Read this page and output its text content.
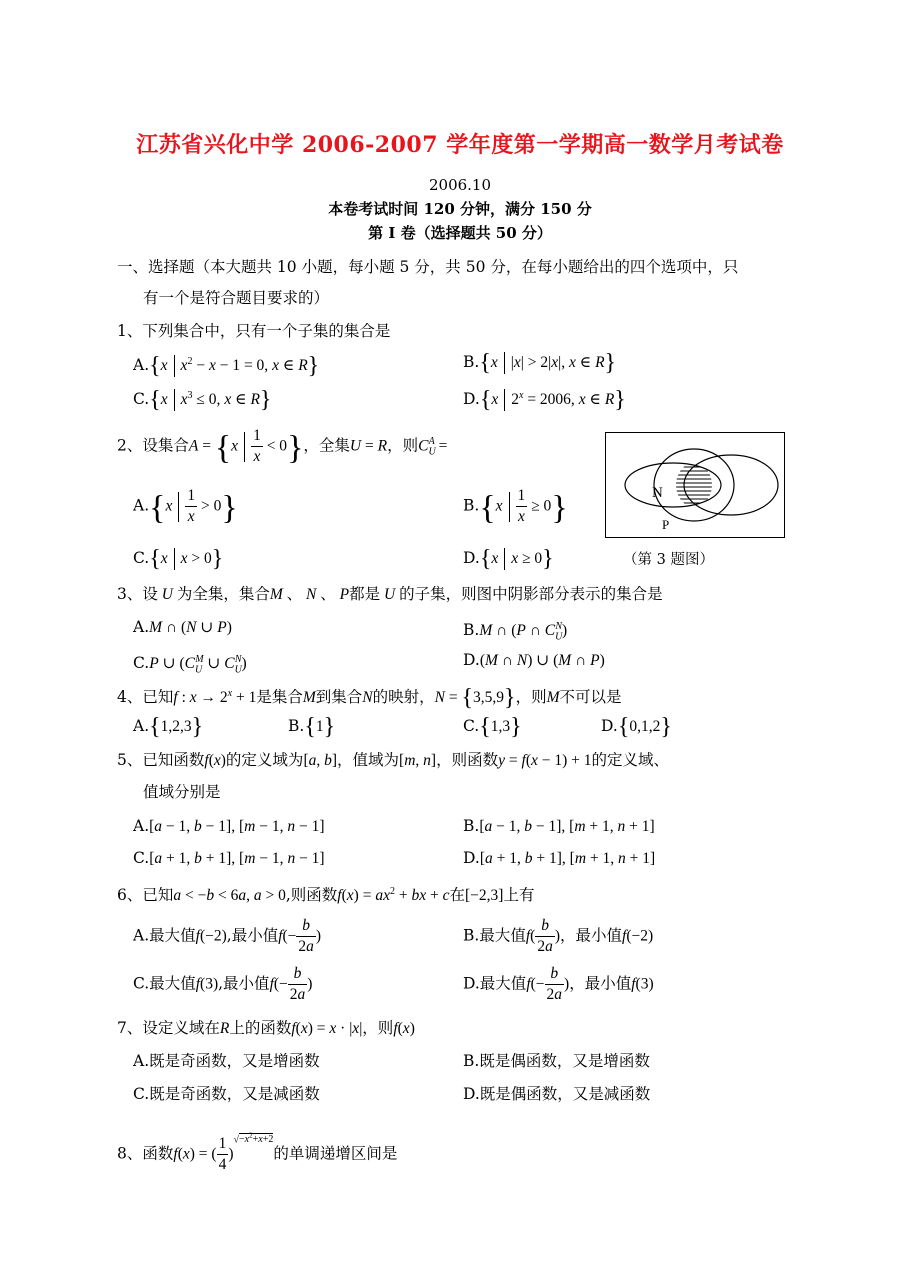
江苏省兴化中学 2006-2007 学年度第一学期高一数学月考试卷
2006.10
本卷考试时间 120 分钟，满分 150 分
第 I 卷（选择题共 50 分）
一、选择题（本大题共 10 小题，每小题 5 分，共 50 分，在每小题给出的四个选项中，只
有一个是符合题目要求的）
1、下列集合中，只有一个子集的集合是
A.{x $x^2 - x - 1 = 0$, x ∈ R}	B.{x |x| > 2|x|, x ∈ R}
C.{x $x^3 \le 0$, x ∈ R}	D.{x $2^x = 2006$, x ∈ R}
2、设集合$A = \{x \frac{1}{x} < 0\}$，全集U = R，则$C_U^A$ =
$A.\{x \frac{1}{x} > 0\}$	$B.\{x \frac{1}{x} \ge 0\}$
C.{x x > 0}	D.{x x ≥ 0}
N
P
（第 3 题图）
3、设 U 为全集，集合M 、 N 、 P都是 U 的子集，则图中阴影部分表示的集合是
A.M ∩ (N ∪ P)	B.M ∩ (P ∩ $C_U^N$)
C.P ∪ ($C_U^M$ ∪ $C_U^N$)	D.(M ∩ N) ∪ (M ∩ P)
4、已知f : $x \to 2^x + 1$是集合M到集合N的映射，N = {3,5,9}，则M不可以是
A.{1,2,3}	B.{1}	C.{1,3}	D.{0,1,2}
5、已知函数f(x)的定义域为[a, b]，值域为[m, n]，则函数y = f(x − 1) + 1的定义域、
值域分别是
A.[a − 1, b − 1], [m − 1, n − 1]	B.[a − 1, b − 1], [m + 1, n + 1]
C.[a + 1, b + 1], [m − 1, n − 1]	D.[a + 1, b + 1], [m + 1, n + 1]
6、已知a < −b < 6a, a > 0,则函数$f(x) = ax^2$ + bx + c在[−2,3]上有
A.最大值f(−2),最小值$f(- \frac{b}{2a}$ )	B.最大值$f( \frac{b}{2a}$ )，最小值f(−2)
C.最大值f(3),最小值$f(- \frac{b}{2a}$ )	D.最大值$f(- \frac{b}{2a}$ )，最小值f(3)
7、设定义域在R上的函数f(x) = x · |x|，则f(x)
A.既是奇函数，又是增函数	B.既是偶函数，又是增函数
C.既是奇函数，又是减函数	D.既是偶函数，又是减函数
8、函数f(x) = ( $\frac{1}{4} )^{√-x^2+x+2}$的单调递增区间是
